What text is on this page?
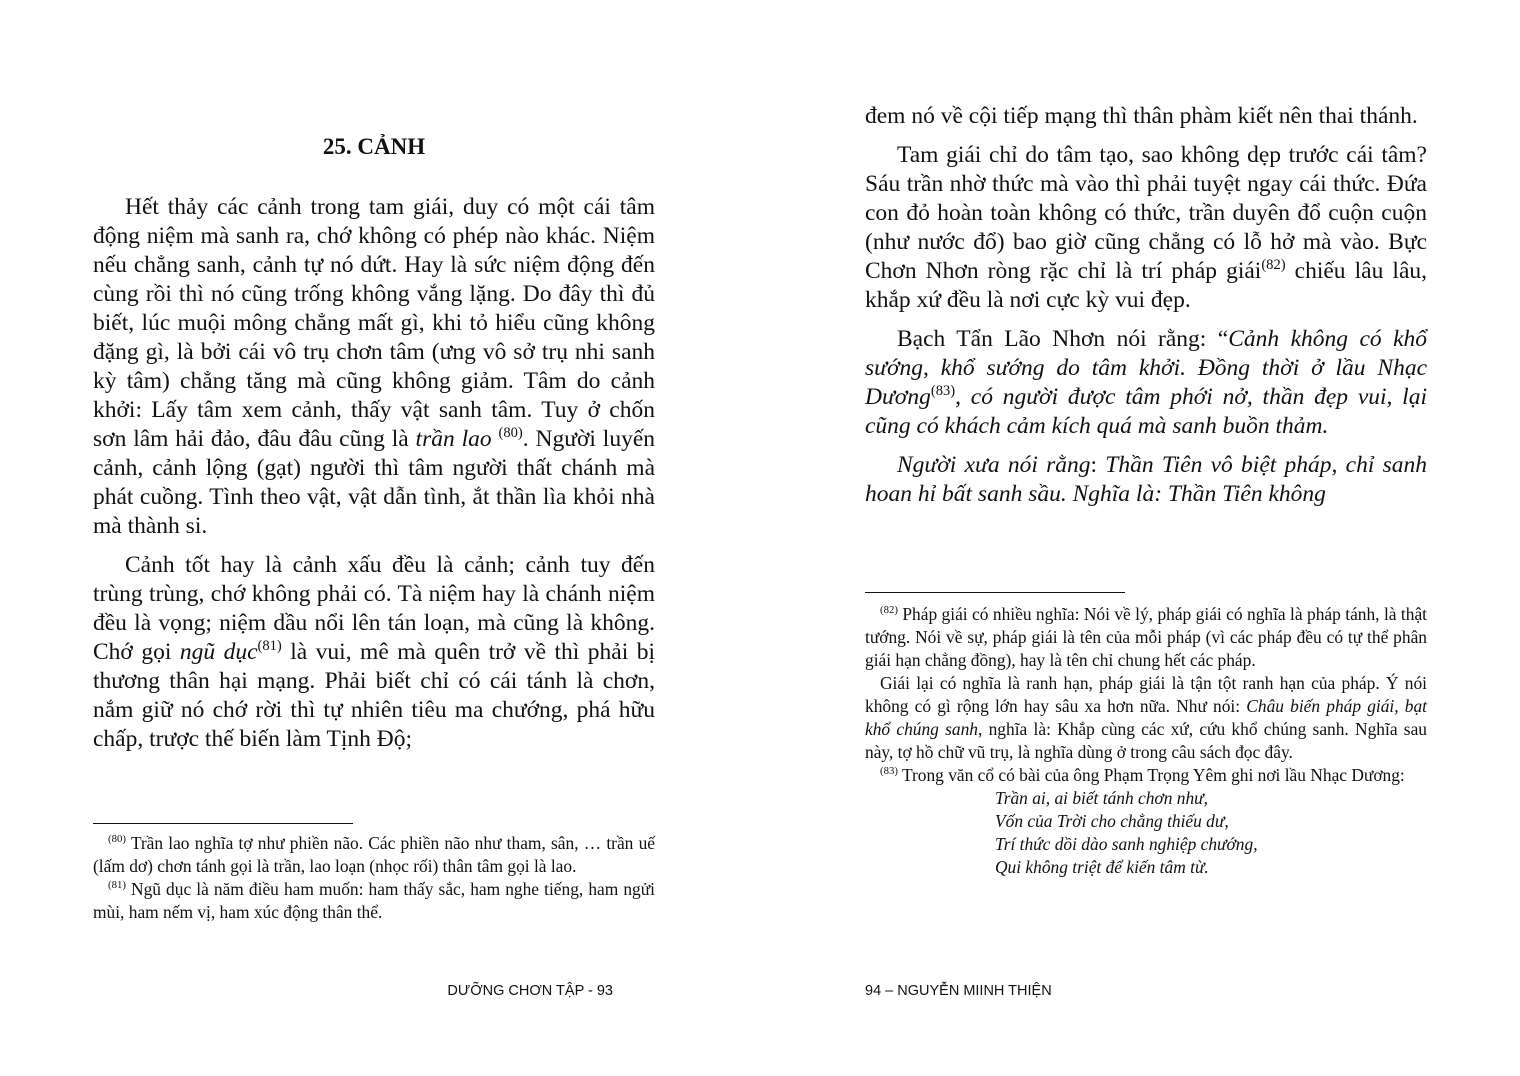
25. CẢNH

Hết thảy các cảnh trong tam giái, duy có một cái tâm động niệm mà sanh ra, chớ không có phép nào khác. Niệm nếu chẳng sanh, cảnh tự nó dứt. Hay là sức niệm động đến cùng rồi thì nó cũng trống không vắng lặng. Do đây thì đủ biết, lúc muội mông chẳng mất gì, khi tỏ hiểu cũng không đặng gì, là bởi cái vô trụ chơn tâm (ưng vô sở trụ nhi sanh kỳ tâm) chẳng tăng mà cũng không giảm. Tâm do cảnh khởi: Lấy tâm xem cảnh, thấy vật sanh tâm. Tuy ở chốn sơn lâm hải đảo, đâu đâu cũng là trần lao $^{(80)}$. Người luyến cảnh, cảnh lộng (gạt) người thì tâm người thất chánh mà phát cuồng. Tình theo vật, vật dẫn tình, ắt thần lìa khỏi nhà mà thành si.

Cảnh tốt hay là cảnh xấu đều là cảnh; cảnh tuy đến trùng trùng, chớ không phải có. Tà niệm hay là chánh niệm đều là vọng; niệm dầu nổi lên tán loạn, mà cũng là không. Chớ gọi ngũ dục$^{(81)}$ là vui, mê mà quên trở về thì phải bị thương thân hại mạng. Phải biết chỉ có cái tánh là chơn, nắm giữ nó chớ rời thì tự nhiên tiêu ma chướng, phá hữu chấp, trược thế biến làm Tịnh Độ;

$^{(80)}$ Trần lao nghĩa tợ như phiền não. Các phiền não như tham, sân, … trần uế (lấm dơ) chơn tánh gọi là trần, lao loạn (nhọc rối) thân tâm gọi là lao.

$^{(81)}$ Ngũ dục là năm điều ham muốn: ham thấy sắc, ham nghe tiếng, ham ngửi mùi, ham nếm vị, ham xúc động thân thể.

DƯỠNG CHƠN TẬP - 93

đem nó về cội tiếp mạng thì thân phàm kiết nên thai thánh.

Tam giái chỉ do tâm tạo, sao không dẹp trước cái tâm? Sáu trần nhờ thức mà vào thì phải tuyệt ngay cái thức. Đứa con đỏ hoàn toàn không có thức, trần duyên đổ cuộn cuộn (như nước đổ) bao giờ cũng chẳng có lỗ hở mà vào. Bực Chơn Nhơn ròng rặc chỉ là trí pháp giái$^{(82)}$ chiếu lâu lâu, khắp xứ đều là nơi cực kỳ vui đẹp.

Bạch Tẩn Lão Nhơn nói rằng: “Cảnh không có khổ sướng, khổ sướng do tâm khởi. Đồng thời ở lầu Nhạc Dương$^{(83)}$, có người được tâm phới nở, thần đẹp vui, lại cũng có khách cảm kích quá mà sanh buồn thảm.

Người xưa nói rằng: Thần Tiên vô biệt pháp, chỉ sanh hoan hỉ bất sanh sầu. Nghĩa là: Thần Tiên không

$^{(82)}$ Pháp giái có nhiều nghĩa: Nói về lý, pháp giái có nghĩa là pháp tánh, là thật tướng. Nói về sự, pháp giái là tên của mỗi pháp (vì các pháp đều có tự thể phân giái hạn chẳng đồng), hay là tên chỉ chung hết các pháp.

Giái lại có nghĩa là ranh hạn, pháp giái là tận tột ranh hạn của pháp. Ý nói không có gì rộng lớn hay sâu xa hơn nữa. Như nói: Châu biến pháp giái, bạt khổ chúng sanh, nghĩa là: Khắp cùng các xứ, cứu khổ chúng sanh. Nghĩa sau này, tợ hồ chữ vũ trụ, là nghĩa dùng ở trong câu sách đọc đây.

$^{(83)}$ Trong văn cổ có bài của ông Phạm Trọng Yêm ghi nơi lầu Nhạc Dương:

Trần ai, ai biết tánh chơn như,
Vốn của Trời cho chẳng thiếu dư,
Trí thức dồi dào sanh nghiệp chướng,
Qui không triệt để kiến tâm từ.
94 – NGUYỄN MIINH THIỆN
